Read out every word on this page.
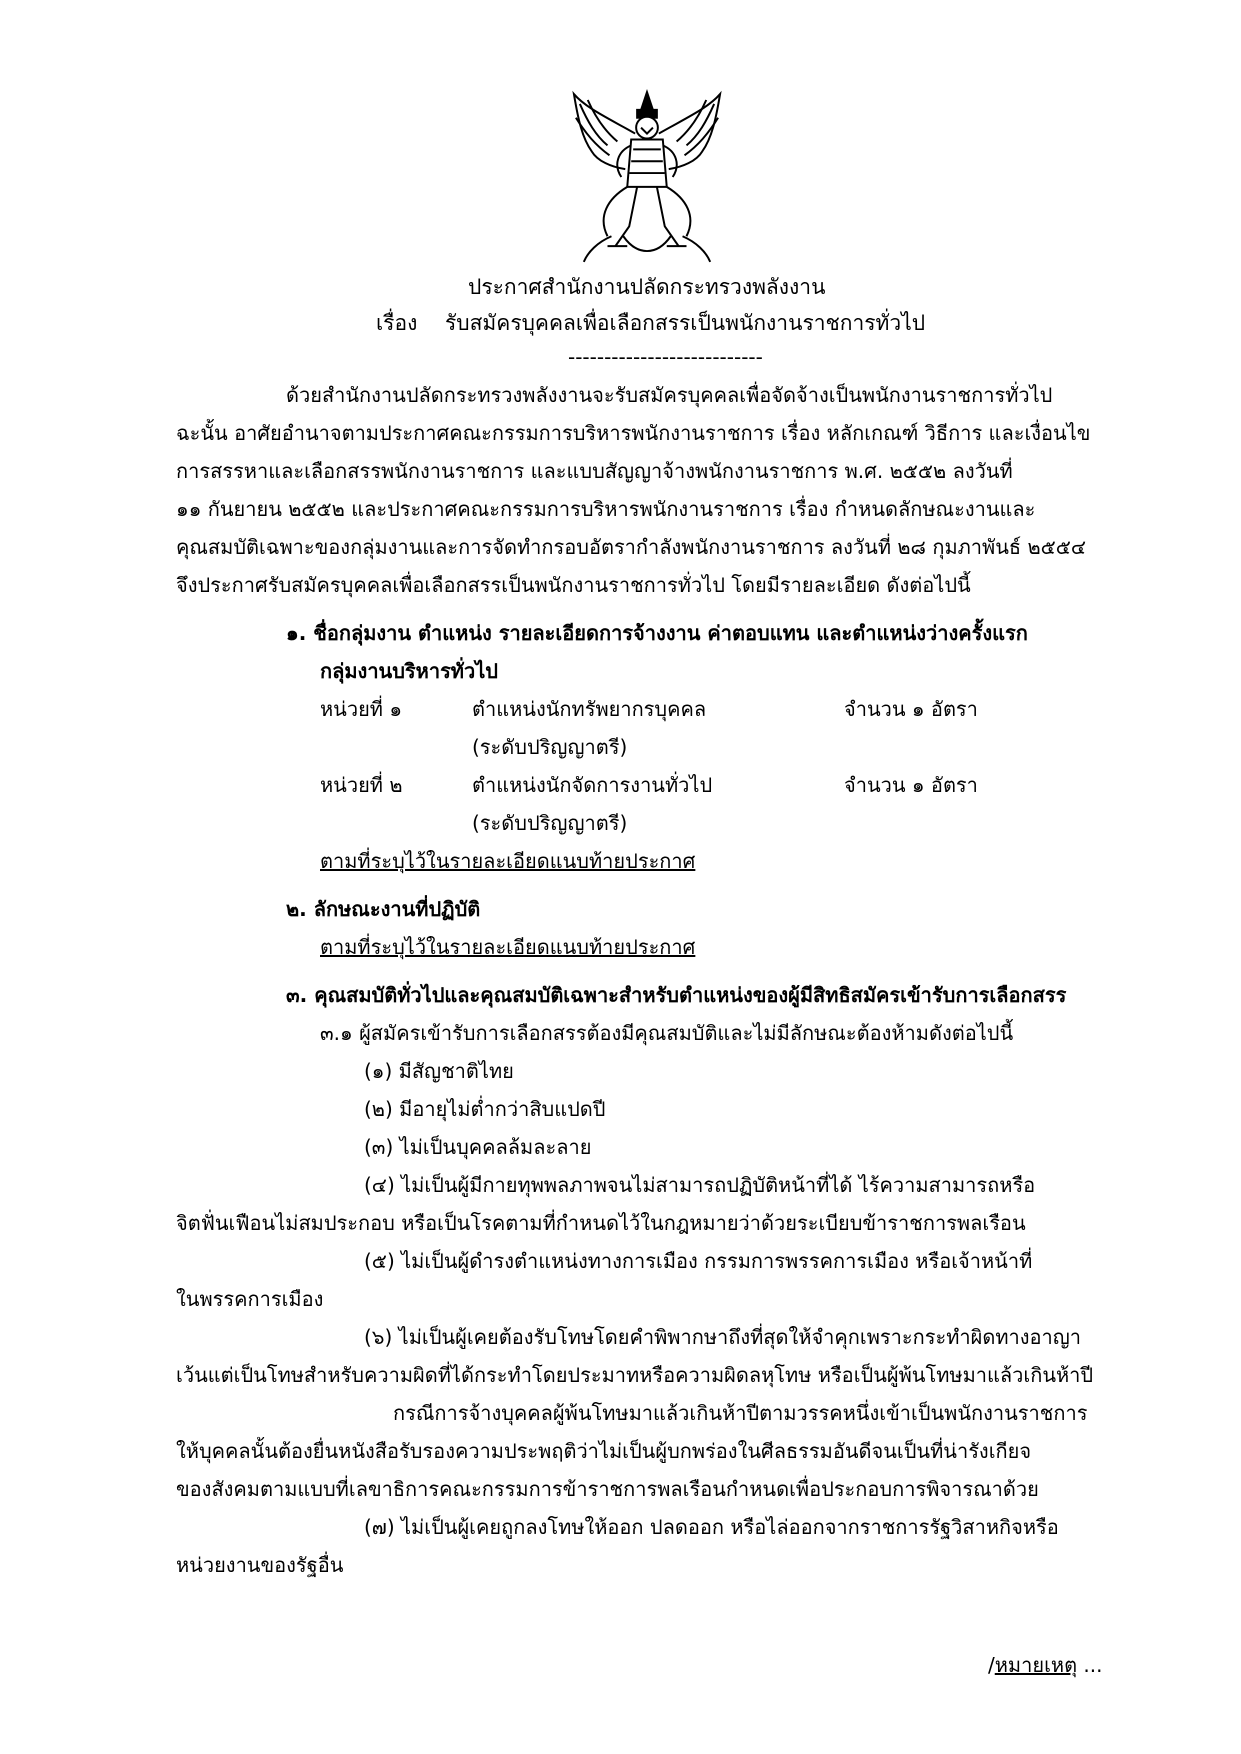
ประกาศสำนักงานปลัดกระทรวงพลังงาน
เรื่อง รับสมัครบุคคลเพื่อเลือกสรรเป็นพนักงานราชการทั่วไป
---------------------------
ด้วยสำนักงานปลัดกระทรวงพลังงานจะรับสมัครบุคคลเพื่อจัดจ้างเป็นพนักงานราชการทั่วไป
ฉะนั้น อาศัยอำนาจตามประกาศคณะกรรมการบริหารพนักงานราชการ เรื่อง หลักเกณฑ์ วิธีการ และเงื่อนไข
การสรรหาและเลือกสรรพนักงานราชการ และแบบสัญญาจ้างพนักงานราชการ พ.ศ. ๒๕๕๒ ลงวันที่
๑๑ กันยายน ๒๕๕๒ และประกาศคณะกรรมการบริหารพนักงานราชการ เรื่อง กำหนดลักษณะงานและ
คุณสมบัติเฉพาะของกลุ่มงานและการจัดทำกรอบอัตรากำลังพนักงานราชการ ลงวันที่ ๒๘ กุมภาพันธ์ ๒๕๕๔
จึงประกาศรับสมัครบุคคลเพื่อเลือกสรรเป็นพนักงานราชการทั่วไป โดยมีรายละเอียด ดังต่อไปนี้
๑. ชื่อกลุ่มงาน ตำแหน่ง รายละเอียดการจ้างงาน ค่าตอบแทน และตำแหน่งว่างครั้งแรก
กลุ่มงานบริหารทั่วไป
หน่วยที่ ๑	ตำแหน่งนักทรัพยากรบุคคล	จำนวน ๑ อัตรา
(ระดับปริญญาตรี)
หน่วยที่ ๒	ตำแหน่งนักจัดการงานทั่วไป	จำนวน ๑ อัตรา
(ระดับปริญญาตรี)
ตามที่ระบุไว้ในรายละเอียดแนบท้ายประกาศ
๒. ลักษณะงานที่ปฏิบัติ
ตามที่ระบุไว้ในรายละเอียดแนบท้ายประกาศ
๓. คุณสมบัติทั่วไปและคุณสมบัติเฉพาะสำหรับตำแหน่งของผู้มีสิทธิสมัครเข้ารับการเลือกสรร
๓.๑ ผู้สมัครเข้ารับการเลือกสรรต้องมีคุณสมบัติและไม่มีลักษณะต้องห้ามดังต่อไปนี้
(๑) มีสัญชาติไทย
(๒) มีอายุไม่ต่ำกว่าสิบแปดปี
(๓) ไม่เป็นบุคคลล้มละลาย
(๔) ไม่เป็นผู้มีกายทุพพลภาพจนไม่สามารถปฏิบัติหน้าที่ได้ ไร้ความสามารถหรือ
จิตฟั่นเฟือนไม่สมประกอบ หรือเป็นโรคตามที่กำหนดไว้ในกฎหมายว่าด้วยระเบียบข้าราชการพลเรือน
(๕) ไม่เป็นผู้ดำรงตำแหน่งทางการเมือง กรรมการพรรคการเมือง หรือเจ้าหน้าที่
ในพรรคการเมือง
(๖) ไม่เป็นผู้เคยต้องรับโทษโดยคำพิพากษาถึงที่สุดให้จำคุกเพราะกระทำผิดทางอาญา
เว้นแต่เป็นโทษสำหรับความผิดที่ได้กระทำโดยประมาทหรือความผิดลหุโทษ หรือเป็นผู้พ้นโทษมาแล้วเกินห้าปี
กรณีการจ้างบุคคลผู้พ้นโทษมาแล้วเกินห้าปีตามวรรคหนึ่งเข้าเป็นพนักงานราชการ
ให้บุคคลนั้นต้องยื่นหนังสือรับรองความประพฤติว่าไม่เป็นผู้บกพร่องในศีลธรรมอันดีจนเป็นที่น่ารังเกียจ
ของสังคมตามแบบที่เลขาธิการคณะกรรมการข้าราชการพลเรือนกำหนดเพื่อประกอบการพิจารณาด้วย
(๗) ไม่เป็นผู้เคยถูกลงโทษให้ออก ปลดออก หรือไล่ออกจากราชการรัฐวิสาหกิจหรือ
หน่วยงานของรัฐอื่น
/หมายเหตุ ...
